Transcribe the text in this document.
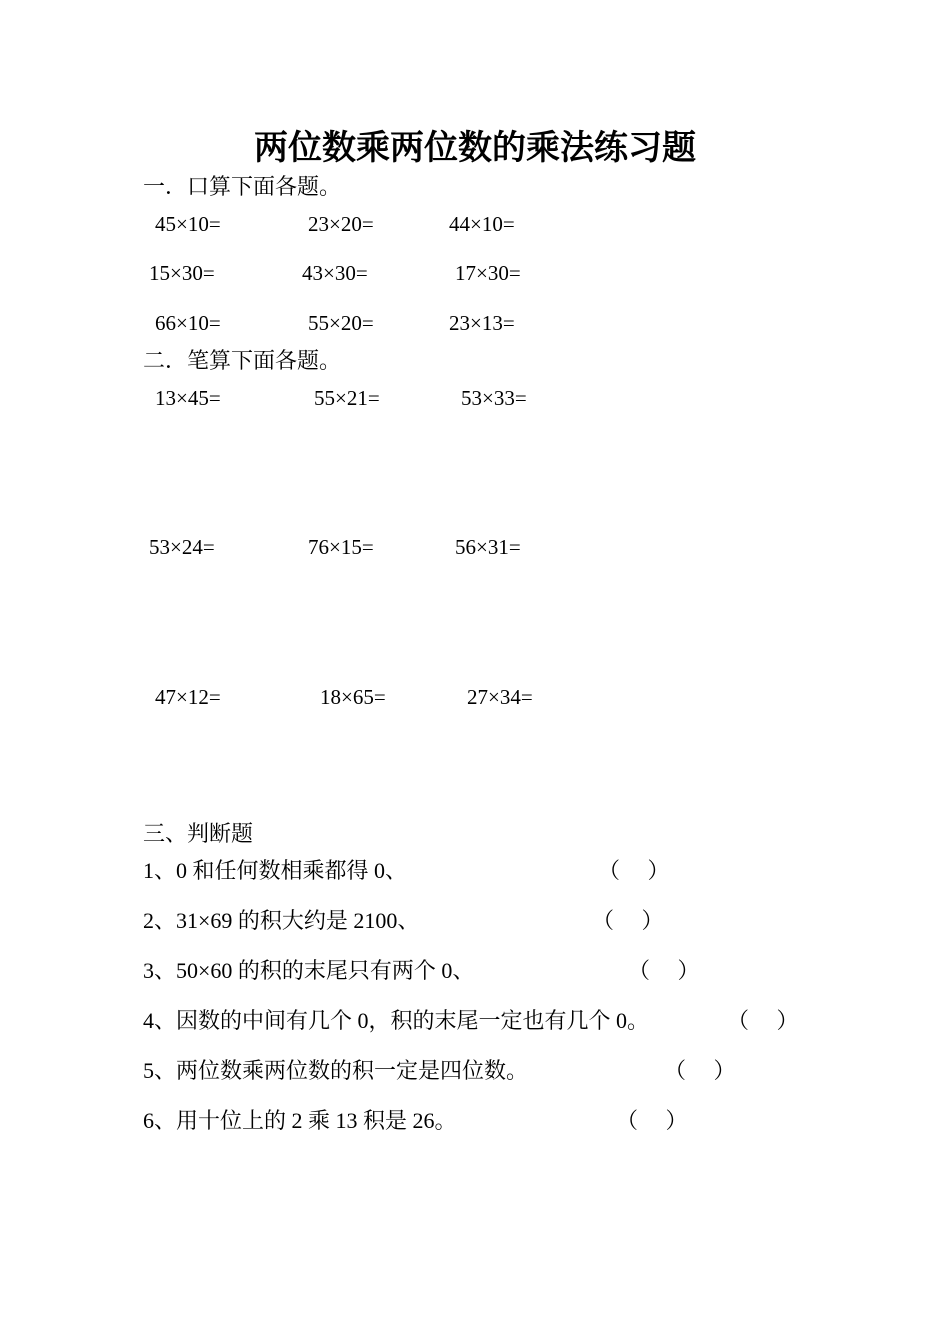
两位数乘两位数的乘法练习题
一．口算下面各题。
45×10=	23×20=	44×10=
15×30=	43×30=	17×30=
66×10=	55×20=	23×13=
二．笔算下面各题。
13×45=	55×21=	53×33=
53×24=	76×15=	56×31=
47×12=	18×65=	27×34=
三、判断题
1、0 和任何数相乘都得 0、	（     ）
2、31×69 的积大约是 2100、	（     ）
3、50×60 的积的末尾只有两个 0、	（     ）
4、因数的中间有几个 0，积的末尾一定也有几个 0。	（     ）
5、两位数乘两位数的积一定是四位数。	（     ）
6、用十位上的 2 乘 13 积是 26。	（     ）
